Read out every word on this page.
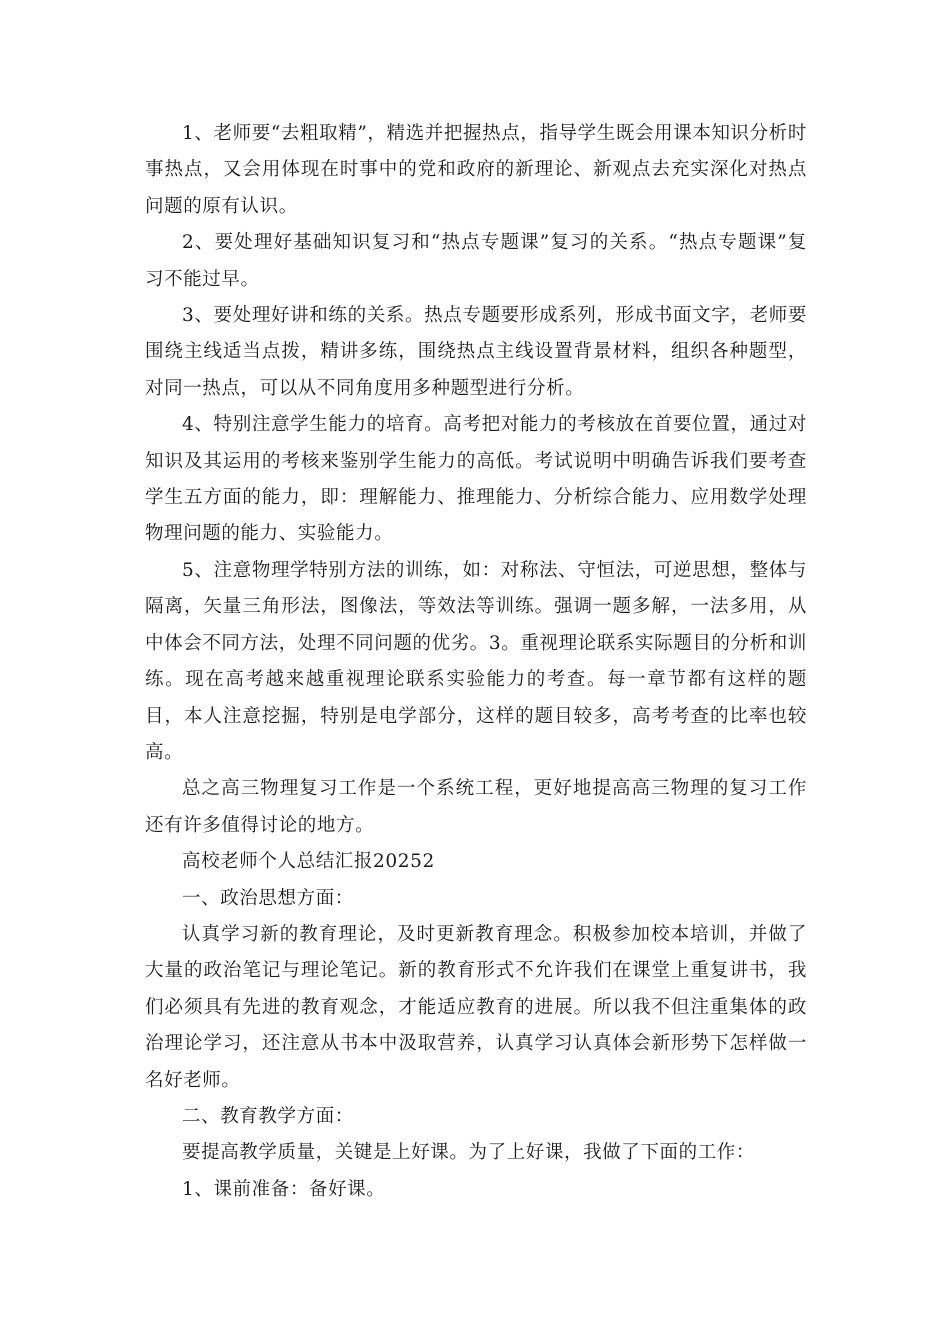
1、老师要“去粗取精”，精选并把握热点，指导学生既会用课本知识分析时事热点，又会用体现在时事中的党和政府的新理论、新观点去充实深化对热点问题的原有认识。

2、要处理好基础知识复习和“热点专题课”复习的关系。“热点专题课”复习不能过早。

3、要处理好讲和练的关系。热点专题要形成系列，形成书面文字，老师要围绕主线适当点拨，精讲多练，围绕热点主线设置背景材料，组织各种题型，对同一热点，可以从不同角度用多种题型进行分析。

4、特别注意学生能力的培育。高考把对能力的考核放在首要位置，通过对知识及其运用的考核来鉴别学生能力的高低。考试说明中明确告诉我们要考查学生五方面的能力，即：理解能力、推理能力、分析综合能力、应用数学处理物理问题的能力、实验能力。

5、注意物理学特别方法的训练，如：对称法、守恒法，可逆思想，整体与隔离，矢量三角形法，图像法，等效法等训练。强调一题多解，一法多用，从中体会不同方法，处理不同问题的优劣。3。重视理论联系实际题目的分析和训练。现在高考越来越重视理论联系实验能力的考查。每一章节都有这样的题目，本人注意挖掘，特别是电学部分，这样的题目较多，高考考查的比率也较高。

总之高三物理复习工作是一个系统工程，更好地提高高三物理的复习工作还有许多值得讨论的地方。

高校老师个人总结汇报20252

一、政治思想方面：

认真学习新的教育理论，及时更新教育理念。积极参加校本培训，并做了大量的政治笔记与理论笔记。新的教育形式不允许我们在课堂上重复讲书，我们必须具有先进的教育观念，才能适应教育的进展。所以我不但注重集体的政治理论学习，还注意从书本中汲取营养，认真学习认真体会新形势下怎样做一名好老师。

二、教育教学方面：

要提高教学质量，关键是上好课。为了上好课，我做了下面的工作：

1、课前准备：备好课。
